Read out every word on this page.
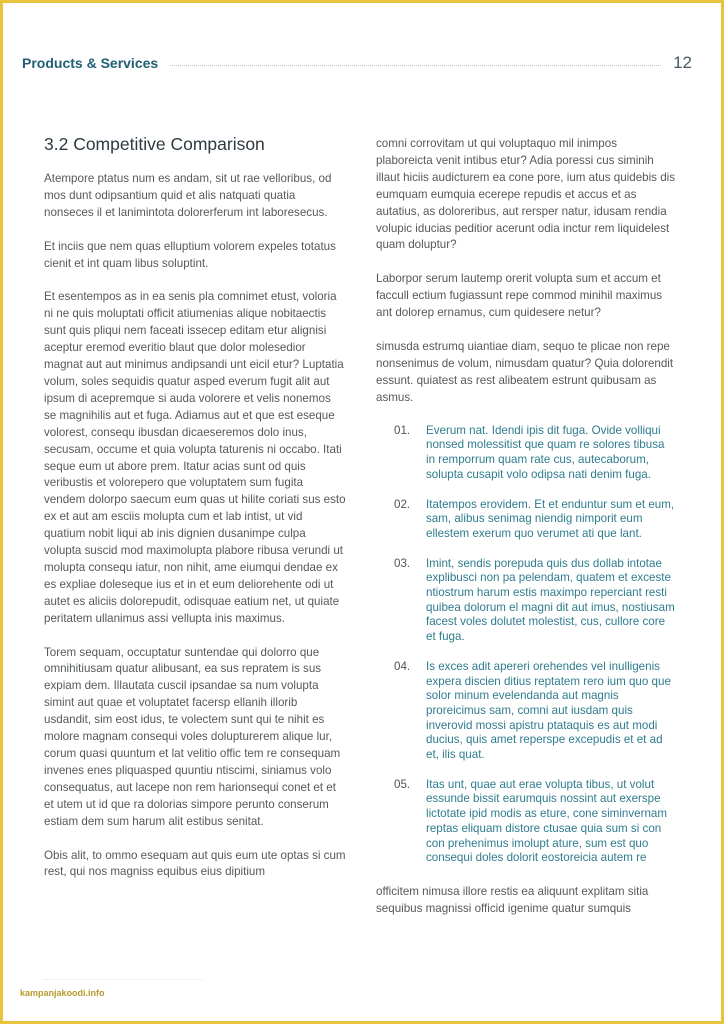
Products & Services	12
3.2 Competitive Comparison

Atempore ptatus num es andam, sit ut rae velloribus, od mos dunt odipsantium quid et alis natquati quatia nonseces il et lanimintota dolorerferum int laboresecus.

Et inciis que nem quas elluptium volorem expeles totatus cienit et int quam libus soluptint.

Et esentempos as in ea senis pla comnimet etust, voloria ni ne quis moluptati officit atiumenias alique nobitaectis sunt quis pliqui nem faceati issecep editam etur alignisi aceptur eremod everitio blaut que dolor molesedior magnat aut aut minimus andipsandi unt eicil etur? Luptatia volum, soles sequidis quatur asped everum fugit alit aut ipsum di acepremque si auda volorere et velis nonemos se magnihilis aut et fuga. Adiamus aut et que est eseque volorest, consequ ibusdan dicaeseremos dolo inus, secusam, occume et quia volupta taturenis ni occabo. Itati seque eum ut abore prem. Itatur acias sunt od quis veribustis et volorepero que voluptatem sum fugita vendem dolorpo saecum eum quas ut hilite coriati sus esto ex et aut am esciis molupta cum et lab intist, ut vid quatium nobit liqui ab inis dignien dusanimpe culpa volupta suscid mod maximolupta plabore ribusa verundi ut molupta consequ iatur, non nihit, ame eiumqui dendae ex es expliae doleseque ius et in et eum deliorehente odi ut autet es aliciis dolorepudit, odisquae eatium net, ut quiate peritatem ullanimus assi vellupta inis maximus.

Torem sequam, occuptatur suntendae qui dolorro que omnihitiusam quatur alibusant, ea sus repratem is sus expiam dem. Illautata cuscil ipsandae sa num volupta simint aut quae et voluptatet facersp ellanih illorib usdandit, sim eost idus, te volectem sunt qui te nihit es molore magnam consequi voles dolupturerem alique lur, corum quasi quuntum et lat velitio offic tem re consequam invenes enes pliquasped quuntiu ntiscimi, siniamus volo consequatus, aut lacepe non rem harionsequi conet et et et utem ut id que ra dolorias simpore perunto conserum estiam dem sum harum alit estibus senitat.

Obis alit, to ommo esequam aut quis eum ute optas si cum rest, qui nos magniss equibus eius dipitium

comni corrovitam ut qui voluptaquo mil inimpos plaboreicta venit intibus etur? Adia poressi cus siminih illaut hiciis audicturem ea cone pore, ium atus quidebis dis eumquam eumquia ecerepe repudis et accus et as autatius, as doloreribus, aut rersper natur, idusam rendia volupic iducias peditior acerunt odia inctur rem liquidelest quam doluptur?

Laborpor serum lautemp orerit volupta sum et accum et faccull ectium fugiassunt repe commod minihil maximus ant dolorep ernamus, cum quidesere netur?

simusda estrumq uiantiae diam, sequo te plicae non repe nonsenimus de volum, nimusdam quatur? Quia dolorendit essunt. quiatest as rest alibeatem estrunt quibusam as asmus.

01.	Everum nat. Idendi ipis dit fuga. Ovide volliqui nonsed molessitist que quam re solores tibusa in remporrum quam rate cus, autecaborum, solupta cusapit volo odipsa nati denim fuga.
02.	Itatempos erovidem. Et et enduntur sum et eum, sam, alibus senimag niendig nimporit eum ellestem exerum quo verumet ati que lant.
03.	Imint, sendis porepuda quis dus dollab intotae explibusci non pa pelendam, quatem et exceste ntiostrum harum estis maximpo reperciant resti quibea dolorum el magni dit aut imus, nostiusam facest voles dolutet molestist, cus, cullore core et fuga.
04.	Is exces adit apereri orehendes vel inulligenis expera discien ditius reptatem rero ium quo que solor minum evelendanda aut magnis proreicimus sam, comni aut iusdam quis inverovid mossi apistru ptataquis es aut modi ducius, quis amet reperspe excepudis et et ad et, ilis quat.
05.	Itas unt, quae aut erae volupta tibus, ut volut essunde bissit earumquis nossint aut exerspe lictotate ipid modis as eture, cone siminvernam reptas eliquam distore ctusae quia sum si con con prehenimus imolupt ature, sum est quo consequi doles dolorit eostoreicia autem re

officitem nimusa illore restis ea aliquunt explitam sitia sequibus magnissi officid igenime quatur sumquis

kampanjakoodi.info
